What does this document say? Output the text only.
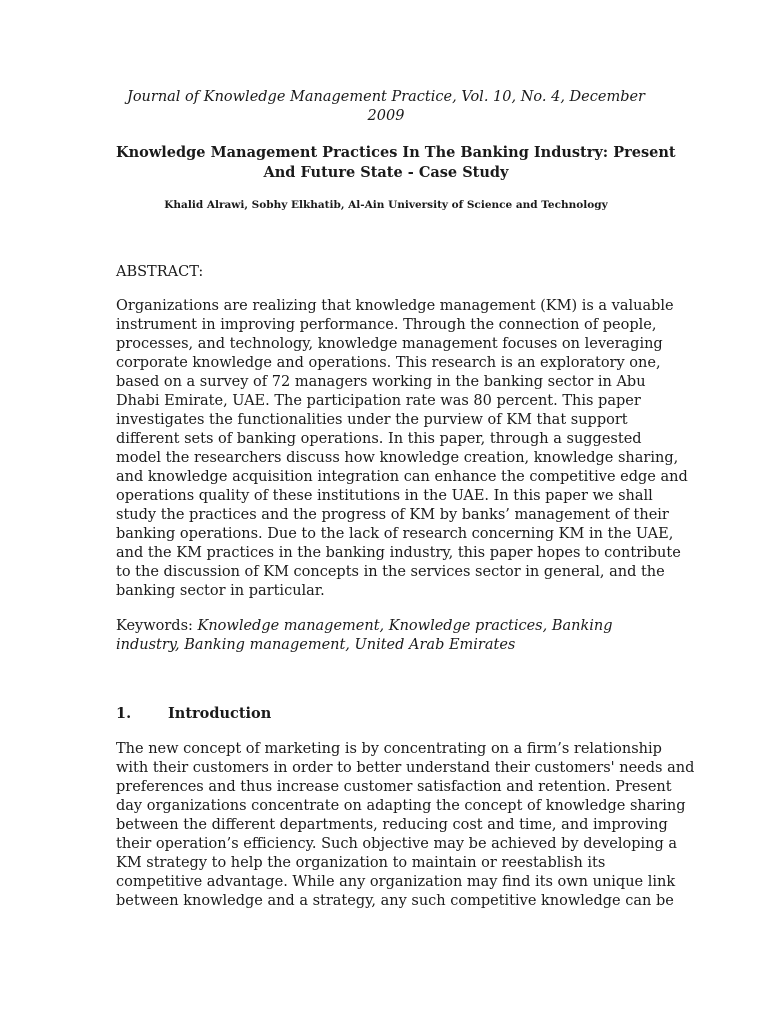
Journal of Knowledge Management Practice, Vol. 10, No. 4, December
2009
Knowledge Management Practices In The Banking Industry: Present
And Future State - Case Study
Khalid Alrawi, Sobhy Elkhatib, Al-Ain University of Science and Technology
ABSTRACT:
Organizations are realizing that knowledge management (KM) is a valuable
instrument in improving performance. Through the connection of people,
processes, and technology, knowledge management focuses on leveraging
corporate knowledge and operations. This research is an exploratory one,
based on a survey of 72 managers working in the banking sector in Abu
Dhabi Emirate, UAE. The participation rate was 80 percent. This paper
investigates the functionalities under the purview of KM that support
different sets of banking operations. In this paper, through a suggested
model the researchers discuss how knowledge creation, knowledge sharing,
and knowledge acquisition integration can enhance the competitive edge and
operations quality of these institutions in the UAE. In this paper we shall
study the practices and the progress of KM by banks’ management of their
banking operations. Due to the lack of research concerning KM in the UAE,
and the KM practices in the banking industry, this paper hopes to contribute
to the discussion of KM concepts in the services sector in general, and the
banking sector in particular.
Keywords: Knowledge management, Knowledge practices, Banking
industry, Banking management, United Arab Emirates
1.	Introduction
The new concept of marketing is by concentrating on a firm’s relationship
with their customers in order to better understand their customers' needs and
preferences and thus increase customer satisfaction and retention. Present
day organizations concentrate on adapting the concept of knowledge sharing
between the different departments, reducing cost and time, and improving
their operation’s efficiency. Such objective may be achieved by developing a
KM strategy to help the organization to maintain or reestablish its
competitive advantage. While any organization may find its own unique link
between knowledge and a strategy, any such competitive knowledge can be
